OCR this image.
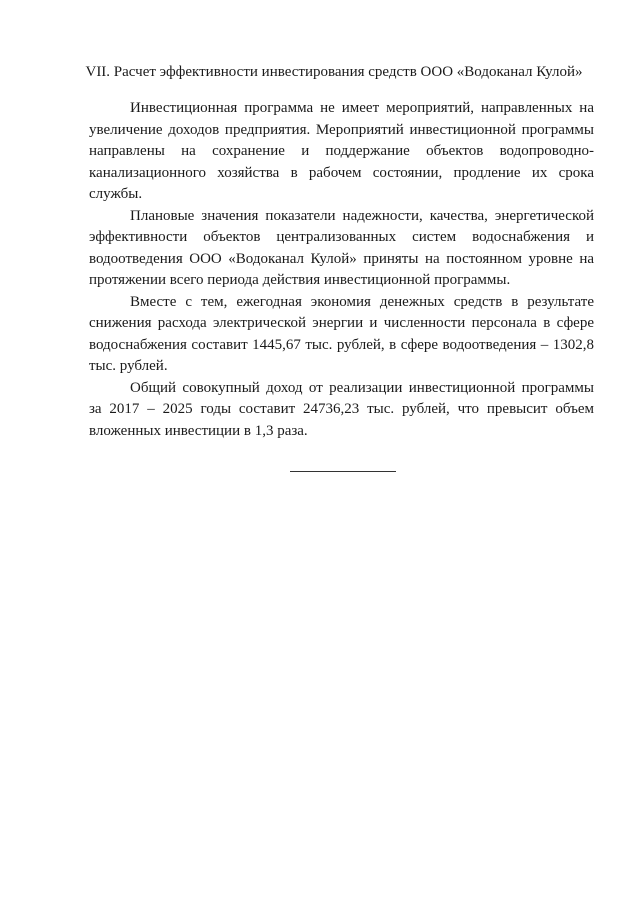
VII. Расчет эффективности инвестирования средств ООО «Водоканал Кулой»

Инвестиционная программа не имеет мероприятий, направленных на увеличение доходов предприятия. Мероприятий инвестиционной программы направлены на сохранение и поддержание объектов водопроводно-канализационного хозяйства в рабочем состоянии, продление их срока службы.

Плановые значения показатели надежности, качества, энергетической эффективности объектов централизованных систем водоснабжения и водоотведения ООО «Водоканал Кулой» приняты на постоянном уровне на протяжении всего периода действия инвестиционной программы.

Вместе с тем, ежегодная экономия денежных средств в результате снижения расхода электрической энергии и численности персонала в сфере водоснабжения составит 1445,67 тыс. рублей, в сфере водоотведения – 1302,8 тыс. рублей.

Общий совокупный доход от реализации инвестиционной программы за 2017 – 2025 годы составит 24736,23 тыс. рублей, что превысит объем вложенных инвестиции в 1,3 раза.
